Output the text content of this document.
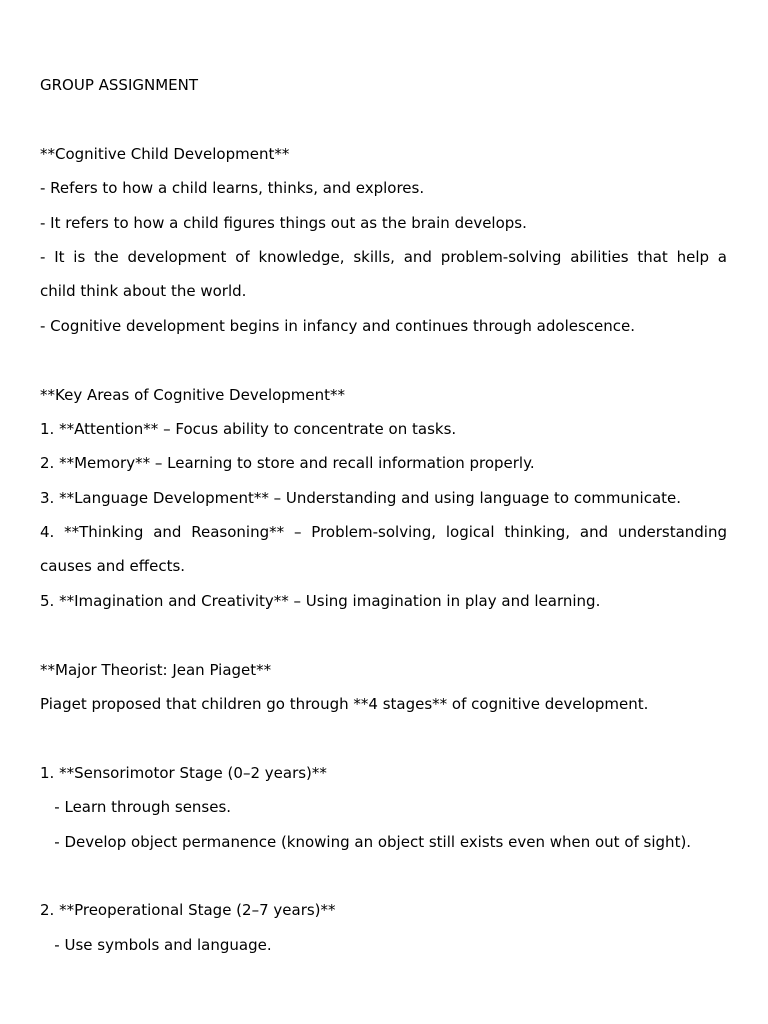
GROUP ASSIGNMENT
**Cognitive Child Development**
- Refers to how a child learns, thinks, and explores.
- It refers to how a child figures things out as the brain develops.
- It is the development of knowledge, skills, and problem-solving abilities that help a
child think about the world.
- Cognitive development begins in infancy and continues through adolescence.
**Key Areas of Cognitive Development**
1. **Attention** – Focus ability to concentrate on tasks.
2. **Memory** – Learning to store and recall information properly.
3. **Language Development** – Understanding and using language to communicate.
4. **Thinking and Reasoning** – Problem-solving, logical thinking, and understanding
causes and effects.
5. **Imagination and Creativity** – Using imagination in play and learning.
**Major Theorist: Jean Piaget**
Piaget proposed that children go through **4 stages** of cognitive development.
1. **Sensorimotor Stage (0–2 years)**
- Learn through senses.
- Develop object permanence (knowing an object still exists even when out of sight).
2. **Preoperational Stage (2–7 years)**
- Use symbols and language.
